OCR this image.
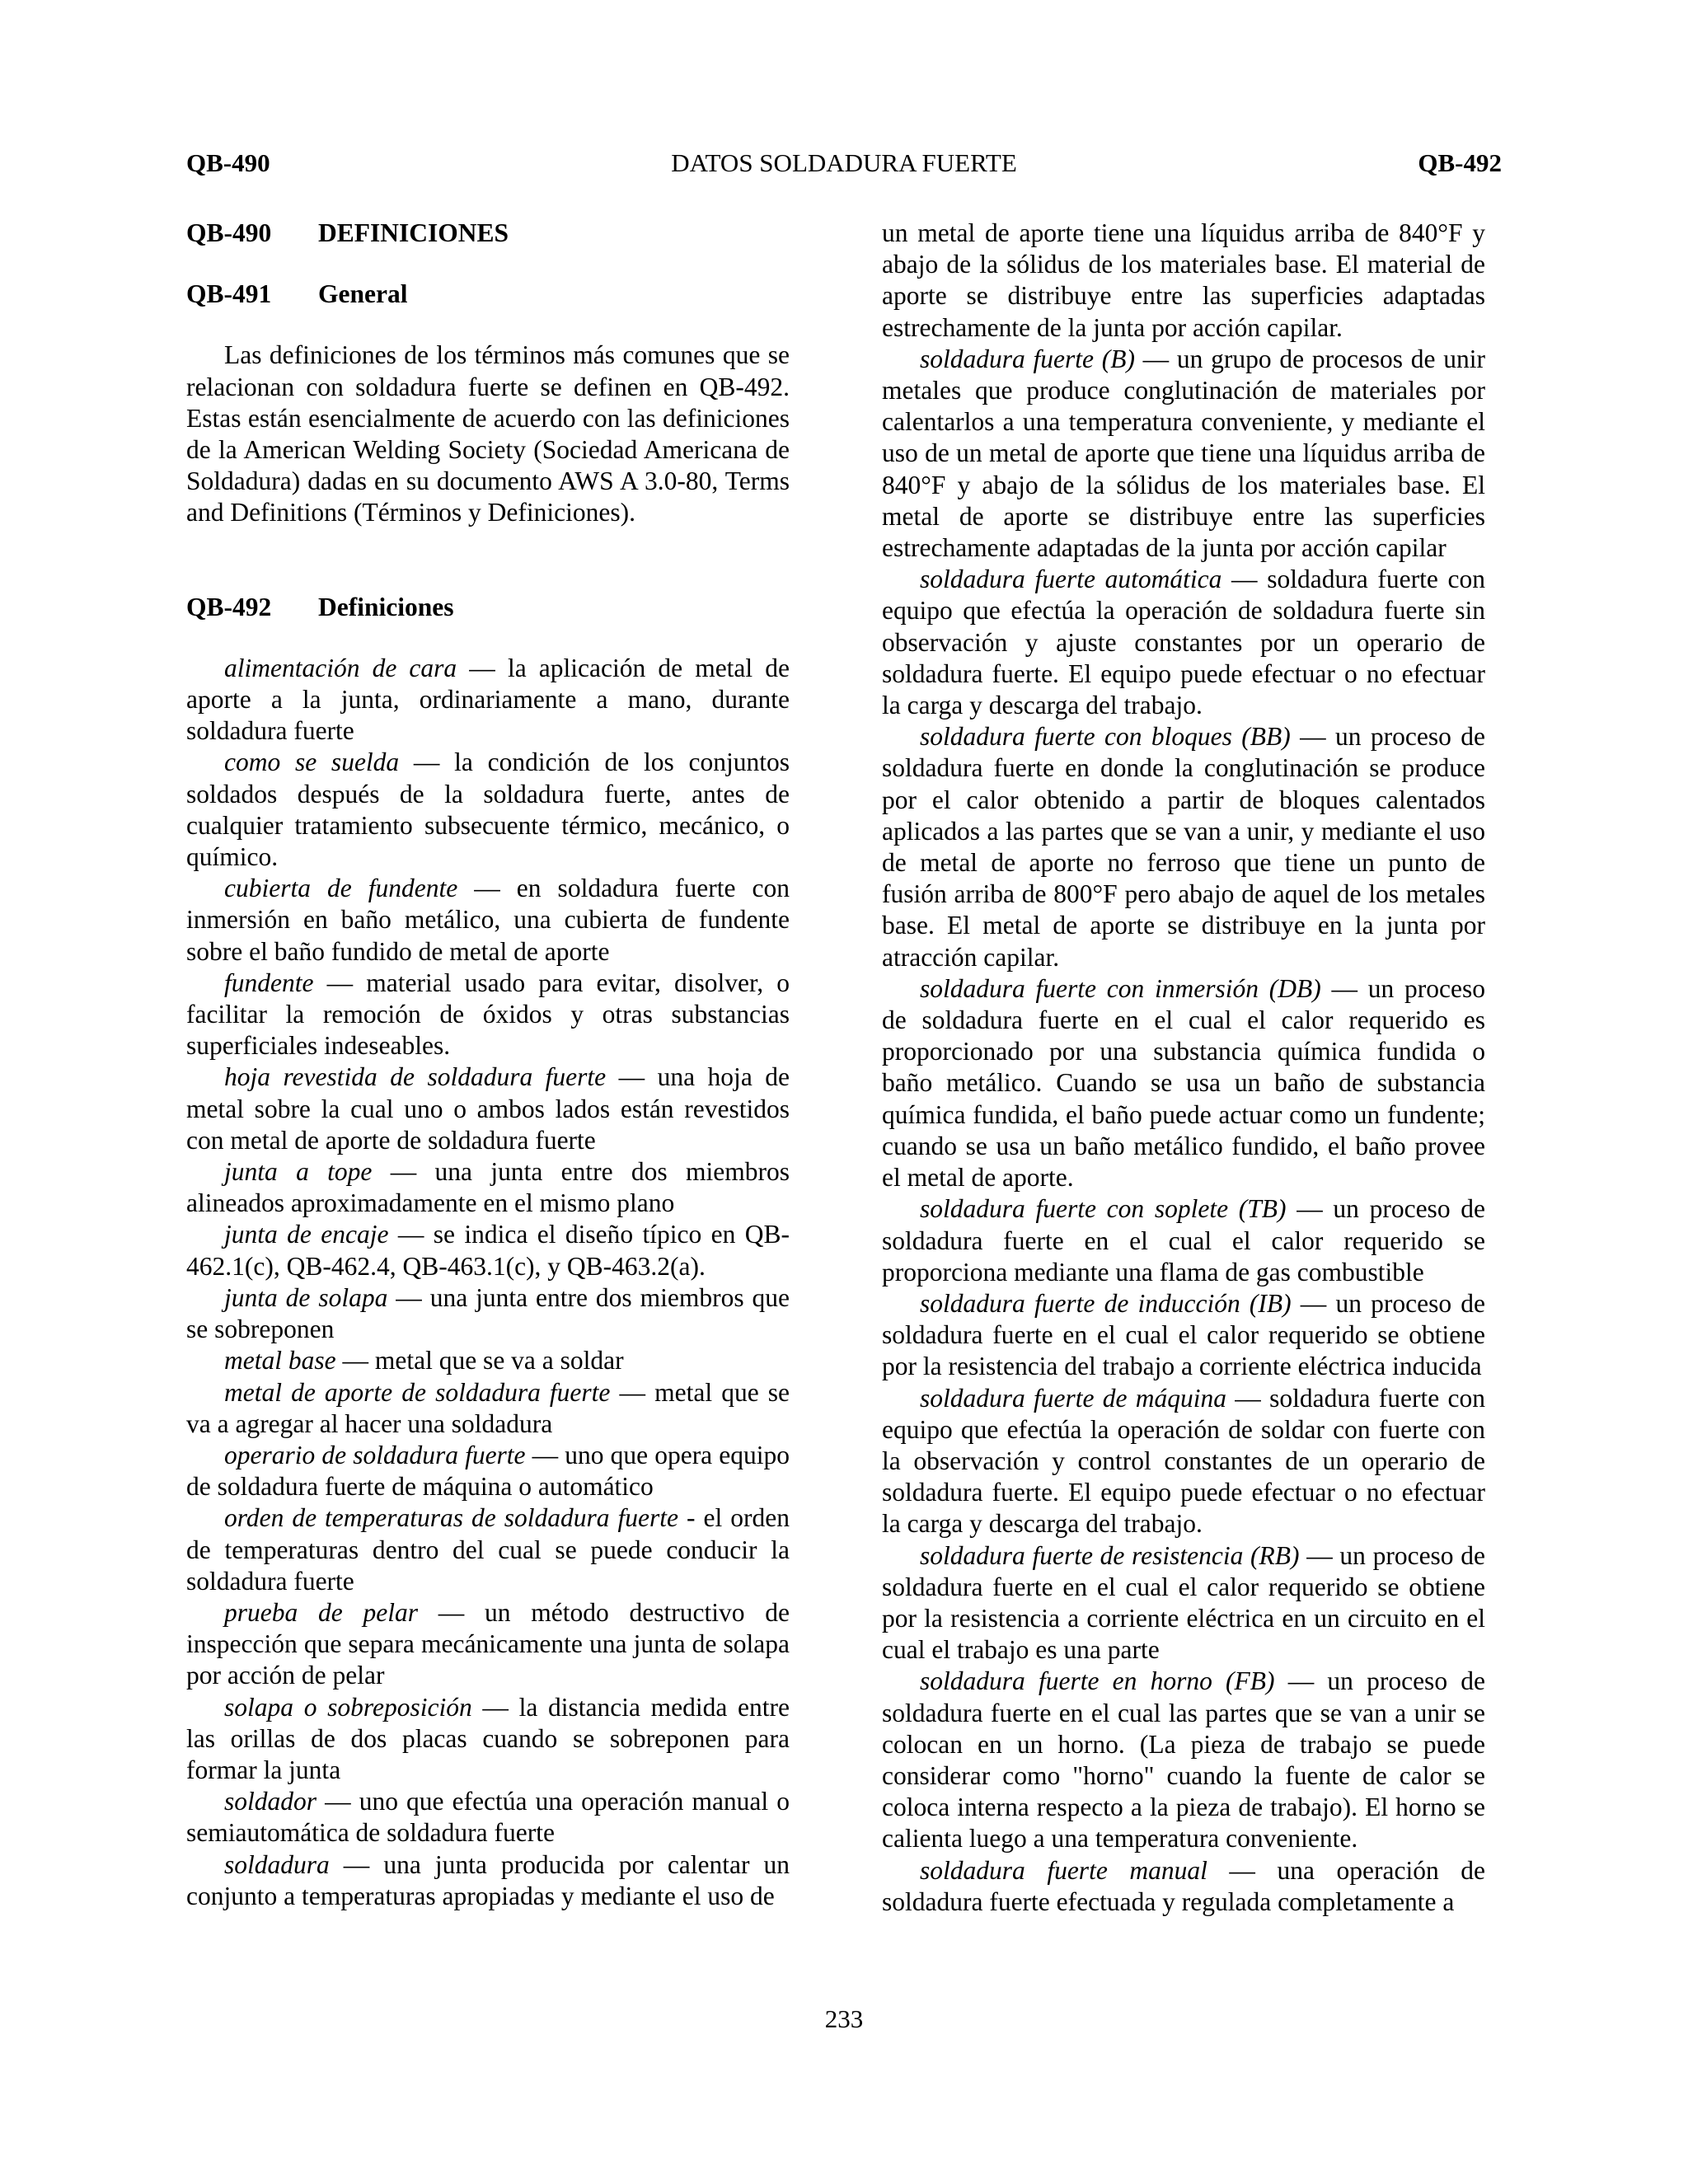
QB-490	DATOS SOLDADURA FUERTE	QB-492

QB-490 DEFINICIONES

QB-491 General

Las definiciones de los términos más comunes que se relacionan con soldadura fuerte se definen en QB-492. Estas están esencialmente de acuerdo con las definiciones de la American Welding Society (Sociedad Americana de Soldadura) dadas en su documento AWS A 3.0-80, Terms and Definitions (Términos y Definiciones).

QB-492 Definiciones

alimentación de cara — la aplicación de metal de aporte a la junta, ordinariamente a mano, durante soldadura fuerte

como se suelda — la condición de los conjuntos soldados después de la soldadura fuerte, antes de cualquier tratamiento subsecuente térmico, mecánico, o químico.

cubierta de fundente — en soldadura fuerte con inmersión en baño metálico, una cubierta de fundente sobre el baño fundido de metal de aporte

fundente — material usado para evitar, disolver, o facilitar la remoción de óxidos y otras substancias superficiales indeseables.

hoja revestida de soldadura fuerte — una hoja de metal sobre la cual uno o ambos lados están revestidos con metal de aporte de soldadura fuerte

junta a tope — una junta entre dos miembros alineados aproximadamente en el mismo plano

junta de encaje — se indica el diseño típico en QB-462.1(c), QB-462.4, QB-463.1(c), y QB-463.2(a).

junta de solapa — una junta entre dos miembros que se sobreponen

metal base — metal que se va a soldar

metal de aporte de soldadura fuerte — metal que se va a agregar al hacer una soldadura

operario de soldadura fuerte — uno que opera equipo de soldadura fuerte de máquina o automático

orden de temperaturas de soldadura fuerte - el orden de temperaturas dentro del cual se puede conducir la soldadura fuerte

prueba de pelar — un método destructivo de inspección que separa mecánicamente una junta de solapa por acción de pelar

solapa o sobreposición — la distancia medida entre las orillas de dos placas cuando se sobreponen para formar la junta

soldador — uno que efectúa una operación manual o semiautomática de soldadura fuerte

soldadura — una junta producida por calentar un conjunto a temperaturas apropiadas y mediante el uso de

un metal de aporte tiene una líquidus arriba de 840°F y abajo de la sólidus de los materiales base. El material de aporte se distribuye entre las superficies adaptadas estrechamente de la junta por acción capilar.

soldadura fuerte (B) — un grupo de procesos de unir metales que produce conglutinación de materiales por calentarlos a una temperatura conveniente, y mediante el uso de un metal de aporte que tiene una líquidus arriba de 840°F y abajo de la sólidus de los materiales base. El metal de aporte se distribuye entre las superficies estrechamente adaptadas de la junta por acción capilar

soldadura fuerte automática — soldadura fuerte con equipo que efectúa la operación de soldadura fuerte sin observación y ajuste constantes por un operario de soldadura fuerte. El equipo puede efectuar o no efectuar la carga y descarga del trabajo.

soldadura fuerte con bloques (BB) — un proceso de soldadura fuerte en donde la conglutinación se produce por el calor obtenido a partir de bloques calentados aplicados a las partes que se van a unir, y mediante el uso de metal de aporte no ferroso que tiene un punto de fusión arriba de 800°F pero abajo de aquel de los metales base. El metal de aporte se distribuye en la junta por atracción capilar.

soldadura fuerte con inmersión (DB) — un proceso de soldadura fuerte en el cual el calor requerido es proporcionado por una substancia química fundida o baño metálico. Cuando se usa un baño de substancia química fundida, el baño puede actuar como un fundente; cuando se usa un baño metálico fundido, el baño provee el metal de aporte.

soldadura fuerte con soplete (TB) — un proceso de soldadura fuerte en el cual el calor requerido se proporciona mediante una flama de gas combustible

soldadura fuerte de inducción (IB) — un proceso de soldadura fuerte en el cual el calor requerido se obtiene por la resistencia del trabajo a corriente eléctrica inducida

soldadura fuerte de máquina — soldadura fuerte con equipo que efectúa la operación de soldar con fuerte con la observación y control constantes de un operario de soldadura fuerte. El equipo puede efectuar o no efectuar la carga y descarga del trabajo.

soldadura fuerte de resistencia (RB) — un proceso de soldadura fuerte en el cual el calor requerido se obtiene por la resistencia a corriente eléctrica en un circuito en el cual el trabajo es una parte

soldadura fuerte en horno (FB) — un proceso de soldadura fuerte en el cual las partes que se van a unir se colocan en un horno. (La pieza de trabajo se puede considerar como "horno" cuando la fuente de calor se coloca interna respecto a la pieza de trabajo). El horno se calienta luego a una temperatura conveniente.

soldadura fuerte manual — una operación de soldadura fuerte efectuada y regulada completamente a

233
